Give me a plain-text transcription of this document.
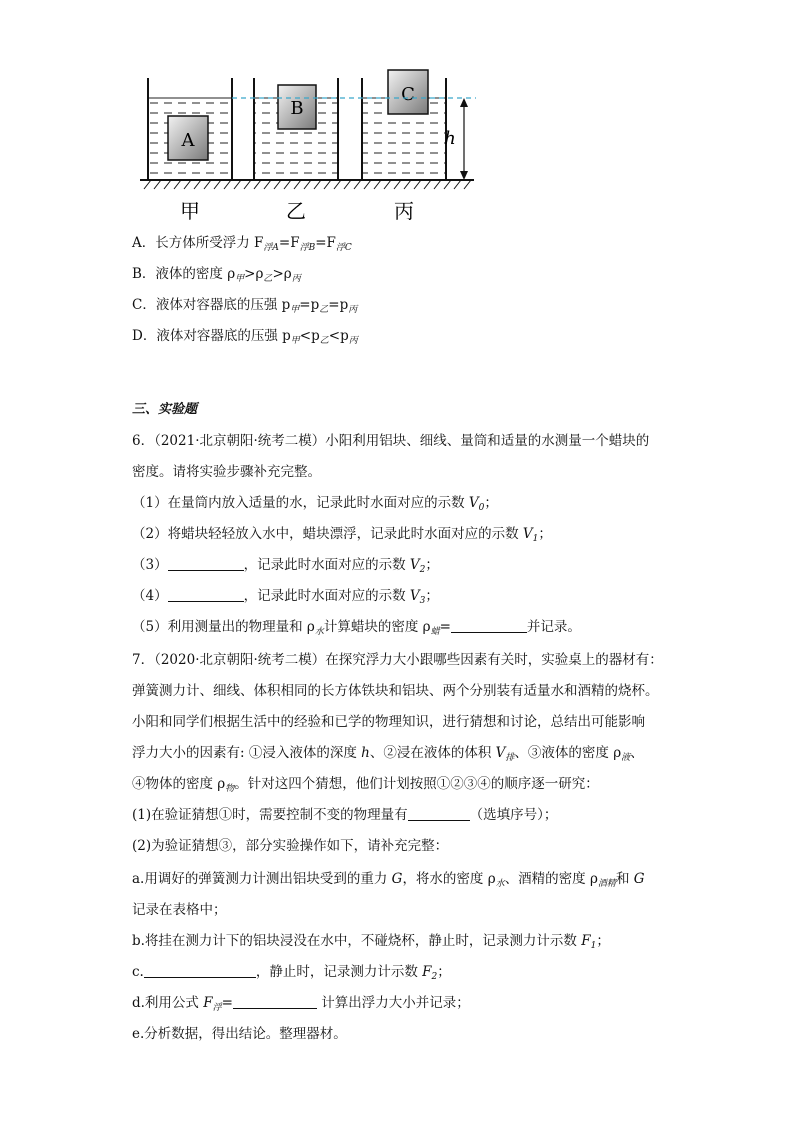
A
B
C
h
甲	乙	丙
A．长方体所受浮力 $F_{浮A}=F_{浮B}=F_{浮C}$
B．液体的密度 $\rho_甲>\rho_乙>\rho_丙$
C．液体对容器底的压强 $p_甲=p_乙=p_丙$
D．液体对容器底的压强 $p_甲<p_乙<p_丙$
三、实验题
6．（2021·北京朝阳·统考二模）小阳利用铝块、细线、量筒和适量的水测量一个蜡块的
密度。请将实验步骤补充完整。
（1）在量筒内放入适量的水，记录此时水面对应的示数 $V_0$；
（2）将蜡块轻轻放入水中，蜡块漂浮，记录此时水面对应的示数 $V_1$；
（3）	，记录此时水面对应的示数 $V_2$；
（4）	，记录此时水面对应的示数 $V_3$；
（5）利用测量出的物理量和 $\rho_水$计算蜡块的密度 $\rho_蜡=$	并记录。
7．（2020·北京朝阳·统考二模）在探究浮力大小跟哪些因素有关时，实验桌上的器材有：
弹簧测力计、细线、体积相同的长方体铁块和铝块、两个分别装有适量水和酒精的烧杯。
小阳和同学们根据生活中的经验和已学的物理知识，进行猜想和讨论，总结出可能影响
浮力大小的因素有: ①浸入液体的深度 h、②浸在液体的体积 $V_排$、③液体的密度 $\rho_液$、
④物体的密度 $\rho_物$。针对这四个猜想，他们计划按照①②③④的顺序逐一研究：
(1)在验证猜想①时，需要控制不变的物理量有	（选填序号）；
(2)为验证猜想③，部分实验操作如下，请补充完整：
a.用调好的弹簧测力计测出铝块受到的重力 G，将水的密度 $\rho_水$、酒精的密度 $\rho_{酒精}$和 G
记录在表格中；
b.将挂在测力计下的铝块浸没在水中，不碰烧杯，静止时，记录测力计示数 $F_1$；
c.	，静止时，记录测力计示数 $F_2$；
d.利用公式 $F_浮=$	计算出浮力大小并记录；
e.分析数据，得出结论。整理器材。
